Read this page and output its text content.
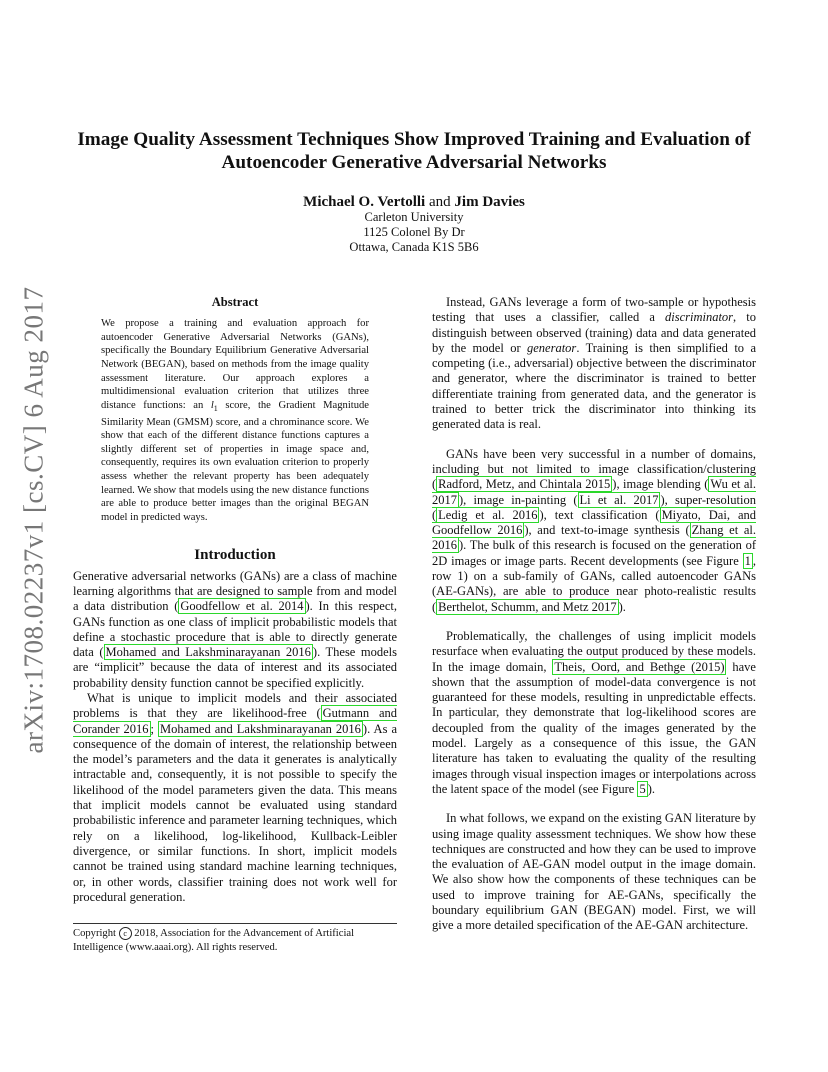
arXiv:1708.02237v1 [cs.CV] 6 Aug 2017
Image Quality Assessment Techniques Show Improved Training and Evaluation of Autoencoder Generative Adversarial Networks
Michael O. Vertolli and Jim Davies
Carleton University
1125 Colonel By Dr
Ottawa, Canada K1S 5B6
Abstract
We propose a training and evaluation approach for autoencoder Generative Adversarial Networks (GANs), specifically the Boundary Equilibrium Generative Adversarial Network (BEGAN), based on methods from the image quality assessment literature. Our approach explores a multidimensional evaluation criterion that utilizes three distance functions: an $l_1$ score, the Gradient Magnitude Similarity Mean (GMSM) score, and a chrominance score. We show that each of the different distance functions captures a slightly different set of properties in image space and, consequently, requires its own evaluation criterion to properly assess whether the relevant property has been adequately learned. We show that models using the new distance functions are able to produce better images than the original BEGAN model in predicted ways.
Introduction

Generative adversarial networks (GANs) are a class of machine learning algorithms that are designed to sample from and model a data distribution ( Goodfellow et al. 2014 ). In this respect, GANs function as one class of implicit probabilistic models that define a stochastic procedure that is able to directly generate data ( Mohamed and Lakshminarayanan 2016 ). These models are “implicit” because the data of interest and its associated probability density function cannot be specified explicitly.

What is unique to implicit models and their associated problems is that they are likelihood-free ( Gutmann and Corander 2016 ; Mohamed and Lakshminarayanan 2016 ). As a consequence of the domain of interest, the relationship between the model’s parameters and the data it generates is analytically intractable and, consequently, it is not possible to specify the likelihood of the model parameters given the data. This means that implicit models cannot be evaluated using standard probabilistic inference and parameter learning techniques, which rely on a likelihood, log-likelihood, Kullback-Leibler divergence, or similar functions. In short, implicit models cannot be trained using standard machine learning techniques, or, in other words, classifier training does not work well for procedural generation.

Copyright c 2018, Association for the Advancement of Artificial Intelligence (www.aaai.org). All rights reserved.

Instead, GANs leverage a form of two-sample or hypothesis testing that uses a classifier, called a discriminator, to distinguish between observed (training) data and data generated by the model or generator. Training is then simplified to a competing (i.e., adversarial) objective between the discriminator and generator, where the discriminator is trained to better differentiate training from generated data, and the generator is trained to better trick the discriminator into thinking its generated data is real.

GANs have been very successful in a number of domains, including but not limited to image classification/clustering ( Radford, Metz, and Chintala 2015 ), image blending ( Wu et al. 2017 ), image in-painting ( Li et al. 2017 ), super-resolution ( Ledig et al. 2016 ), text classification ( Miyato, Dai, and Goodfellow 2016 ), and text-to-image synthesis ( Zhang et al. 2016 ). The bulk of this research is focused on the generation of 2D images or image parts. Recent developments (see Figure 1 , row 1) on a sub-family of GANs, called autoencoder GANs (AE-GANs), are able to produce near photo-realistic results ( Berthelot, Schumm, and Metz 2017 ).

Problematically, the challenges of using implicit models resurface when evaluating the output produced by these models. In the image domain, Theis, Oord, and Bethge (2015) have shown that the assumption of model-data convergence is not guaranteed for these models, resulting in unpredictable effects. In particular, they demonstrate that log-likelihood scores are decoupled from the quality of the images generated by the model. Largely as a consequence of this issue, the GAN literature has taken to evaluating the quality of the resulting images through visual inspection images or interpolations across the latent space of the model (see Figure 5 ).

In what follows, we expand on the existing GAN literature by using image quality assessment techniques. We show how these techniques are constructed and how they can be used to improve the evaluation of AE-GAN model output in the image domain. We also show how the components of these techniques can be used to improve training for AE-GANs, specifically the boundary equilibrium GAN (BEGAN) model. First, we will give a more detailed specification of the AE-GAN architecture.
